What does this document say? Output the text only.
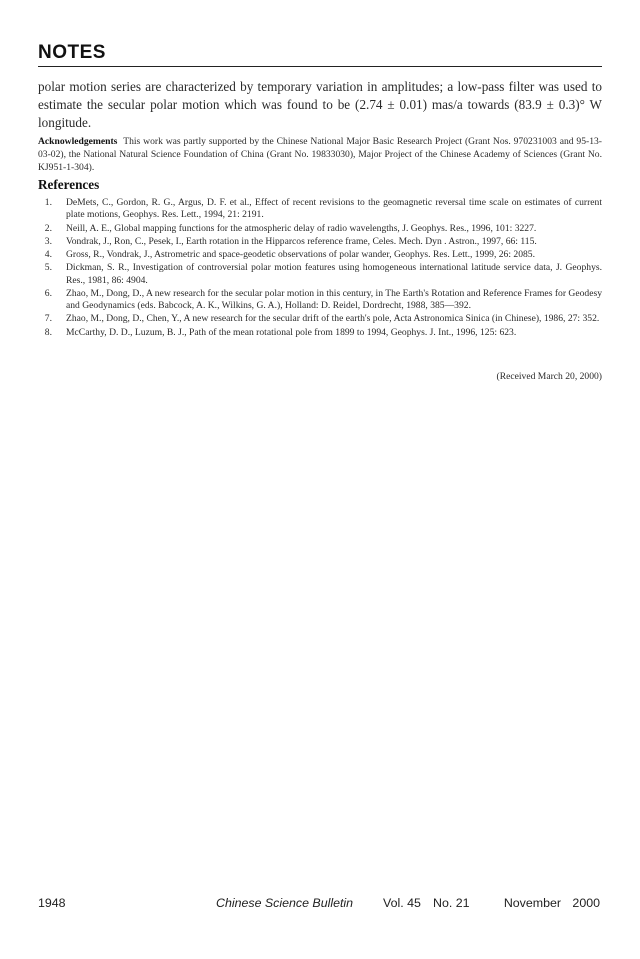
NOTES

polar motion series are characterized by temporary variation in amplitudes; a low-pass filter was used to estimate the secular polar motion which was found to be (2.74 ± 0.01) mas/a towards (83.9 ± 0.3)° W longitude.

Acknowledgements This work was partly supported by the Chinese National Major Basic Research Project (Grant Nos. 970231003 and 95-13-03-02), the National Natural Science Foundation of China (Grant No. 19833030), Major Project of the Chinese Academy of Sciences (Grant No. KJ951-1-304).

References
1. DeMets, C., Gordon, R. G., Argus, D. F. et al., Effect of recent revisions to the geomagnetic reversal time scale on estimates of current plate motions, Geophys. Res. Lett., 1994, 21: 2191.
2. Neill, A. E., Global mapping functions for the atmospheric delay of radio wavelengths, J. Geophys. Res., 1996, 101: 3227.
3. Vondrak, J., Ron, C., Pesek, I., Earth rotation in the Hipparcos reference frame, Celes. Mech. Dyn . Astron., 1997, 66: 115.
4. Gross, R., Vondrak, J., Astrometric and space-geodetic observations of polar wander, Geophys. Res. Lett., 1999, 26: 2085.
5. Dickman, S. R., Investigation of controversial polar motion features using homogeneous international latitude service data, J. Geophys. Res., 1981, 86: 4904.
6. Zhao, M., Dong, D., A new research for the secular polar motion in this century, in The Earth's Rotation and Reference Frames for Geodesy and Geodynamics (eds. Babcock, A. K., Wilkins, G. A.), Holland: D. Reidel, Dordrecht, 1988, 385—392.
7. Zhao, M., Dong, D., Chen, Y., A new research for the secular drift of the earth's pole, Acta Astronomica Sinica (in Chinese), 1986, 27: 352.
8. McCarthy, D. D., Luzum, B. J., Path of the mean rotational pole from 1899 to 1994, Geophys. J. Int., 1996, 125: 623.
(Received March 20, 2000)
1948	Chinese Science Bulletin Vol. 45 No. 21	November 2000
